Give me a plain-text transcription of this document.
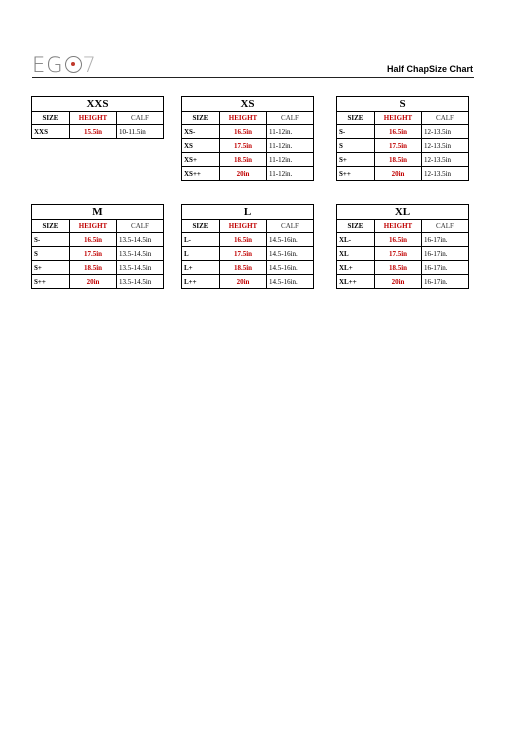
EG 7	Half ChapSize Chart
XXS		
SIZE	HEIGHT	CALF
XXS	15.5in	10-11.5in
XS		
SIZE	HEIGHT	CALF
XS-	16.5in	11-12in.
XS	17.5in	11-12in.
XS+	18.5in	11-12in.
XS++	20in	11-12in.
S		
SIZE	HEIGHT	CALF
S-	16.5in	12-13.5in
S	17.5in	12-13.5in
S+	18.5in	12-13.5in
S++	20in	12-13.5in
M		
SIZE	HEIGHT	CALF
S-	16.5in	13.5-14.5in
S	17.5in	13.5-14.5in
S+	18.5in	13.5-14.5in
S++	20in	13.5-14.5in
L		
SIZE	HEIGHT	CALF
L-	16.5in	14.5-16in.
L	17.5in	14.5-16in.
L+	18.5in	14.5-16in.
L++	20in	14.5-16in.
XL		
SIZE	HEIGHT	CALF
XL-	16.5in	16-17in.
XL	17.5in	16-17in.
XL+	18.5in	16-17in.
XL++	20in	16-17in.
